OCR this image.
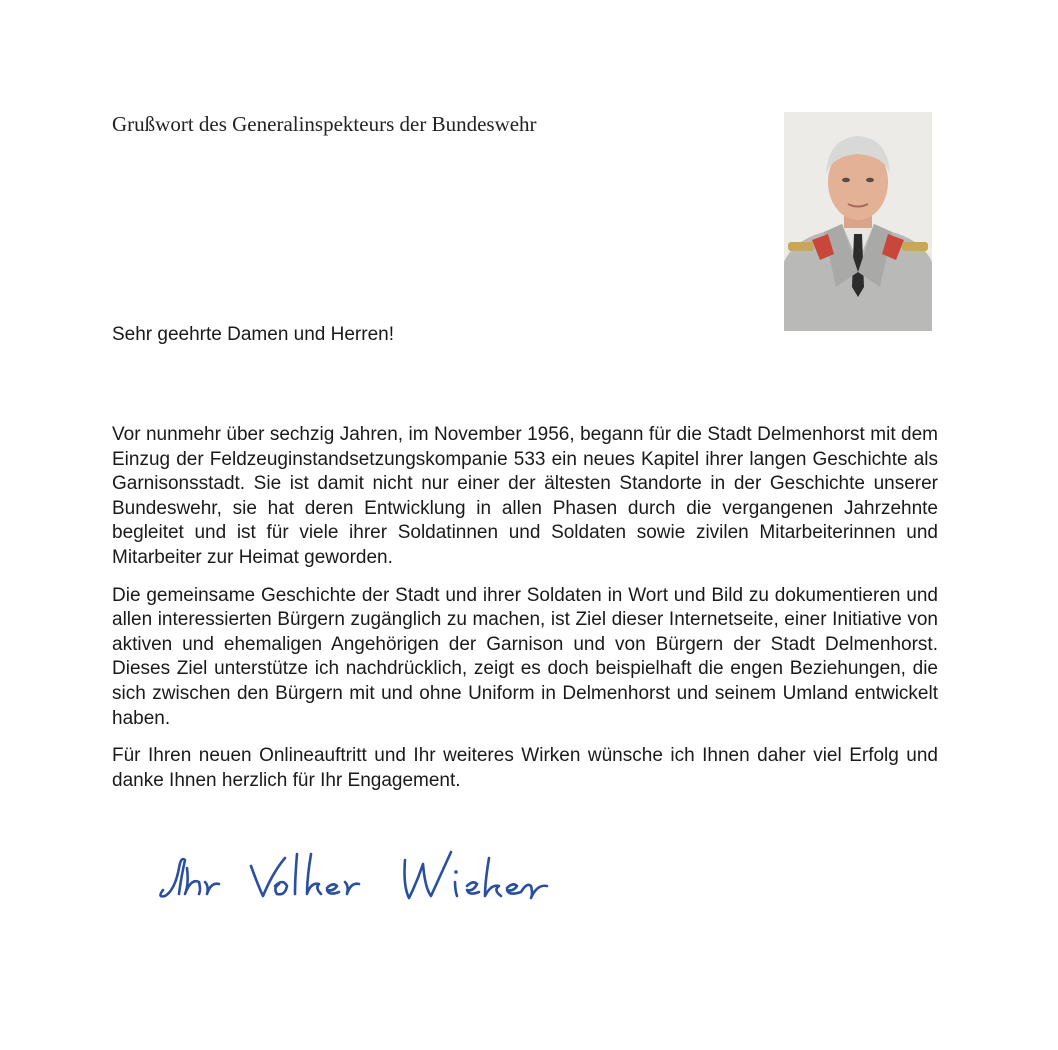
Grußwort des Generalinspekteurs der Bundeswehr
Sehr geehrte Damen und Herren!

Vor nunmehr über sechzig Jahren, im November 1956, begann für die Stadt Delmenhorst mit dem Einzug der Feldzeuginstandsetzungskompanie 533 ein neues Kapitel ihrer langen Geschichte als Garnisonsstadt. Sie ist damit nicht nur einer der ältesten Standorte in der Geschichte unserer Bundeswehr, sie hat deren Entwicklung in allen Phasen durch die vergangenen Jahrzehnte begleitet und ist für viele ihrer Soldatinnen und Soldaten sowie zivilen Mitarbeiterinnen und Mitarbeiter zur Heimat geworden.

Die gemeinsame Geschichte der Stadt und ihrer Soldaten in Wort und Bild zu dokumentieren und allen interessierten Bürgern zugänglich zu machen, ist Ziel dieser Internetseite, einer Initiative von aktiven und ehemaligen Angehörigen der Garnison und von Bürgern der Stadt Delmenhorst. Dieses Ziel unterstütze ich nachdrücklich, zeigt es doch beispielhaft die engen Beziehungen, die sich zwischen den Bürgern mit und ohne Uniform in Delmenhorst und seinem Umland entwickelt haben.

Für Ihren neuen Onlineauftritt und Ihr weiteres Wirken wünsche ich Ihnen daher viel Erfolg und danke Ihnen herzlich für Ihr Engagement.
